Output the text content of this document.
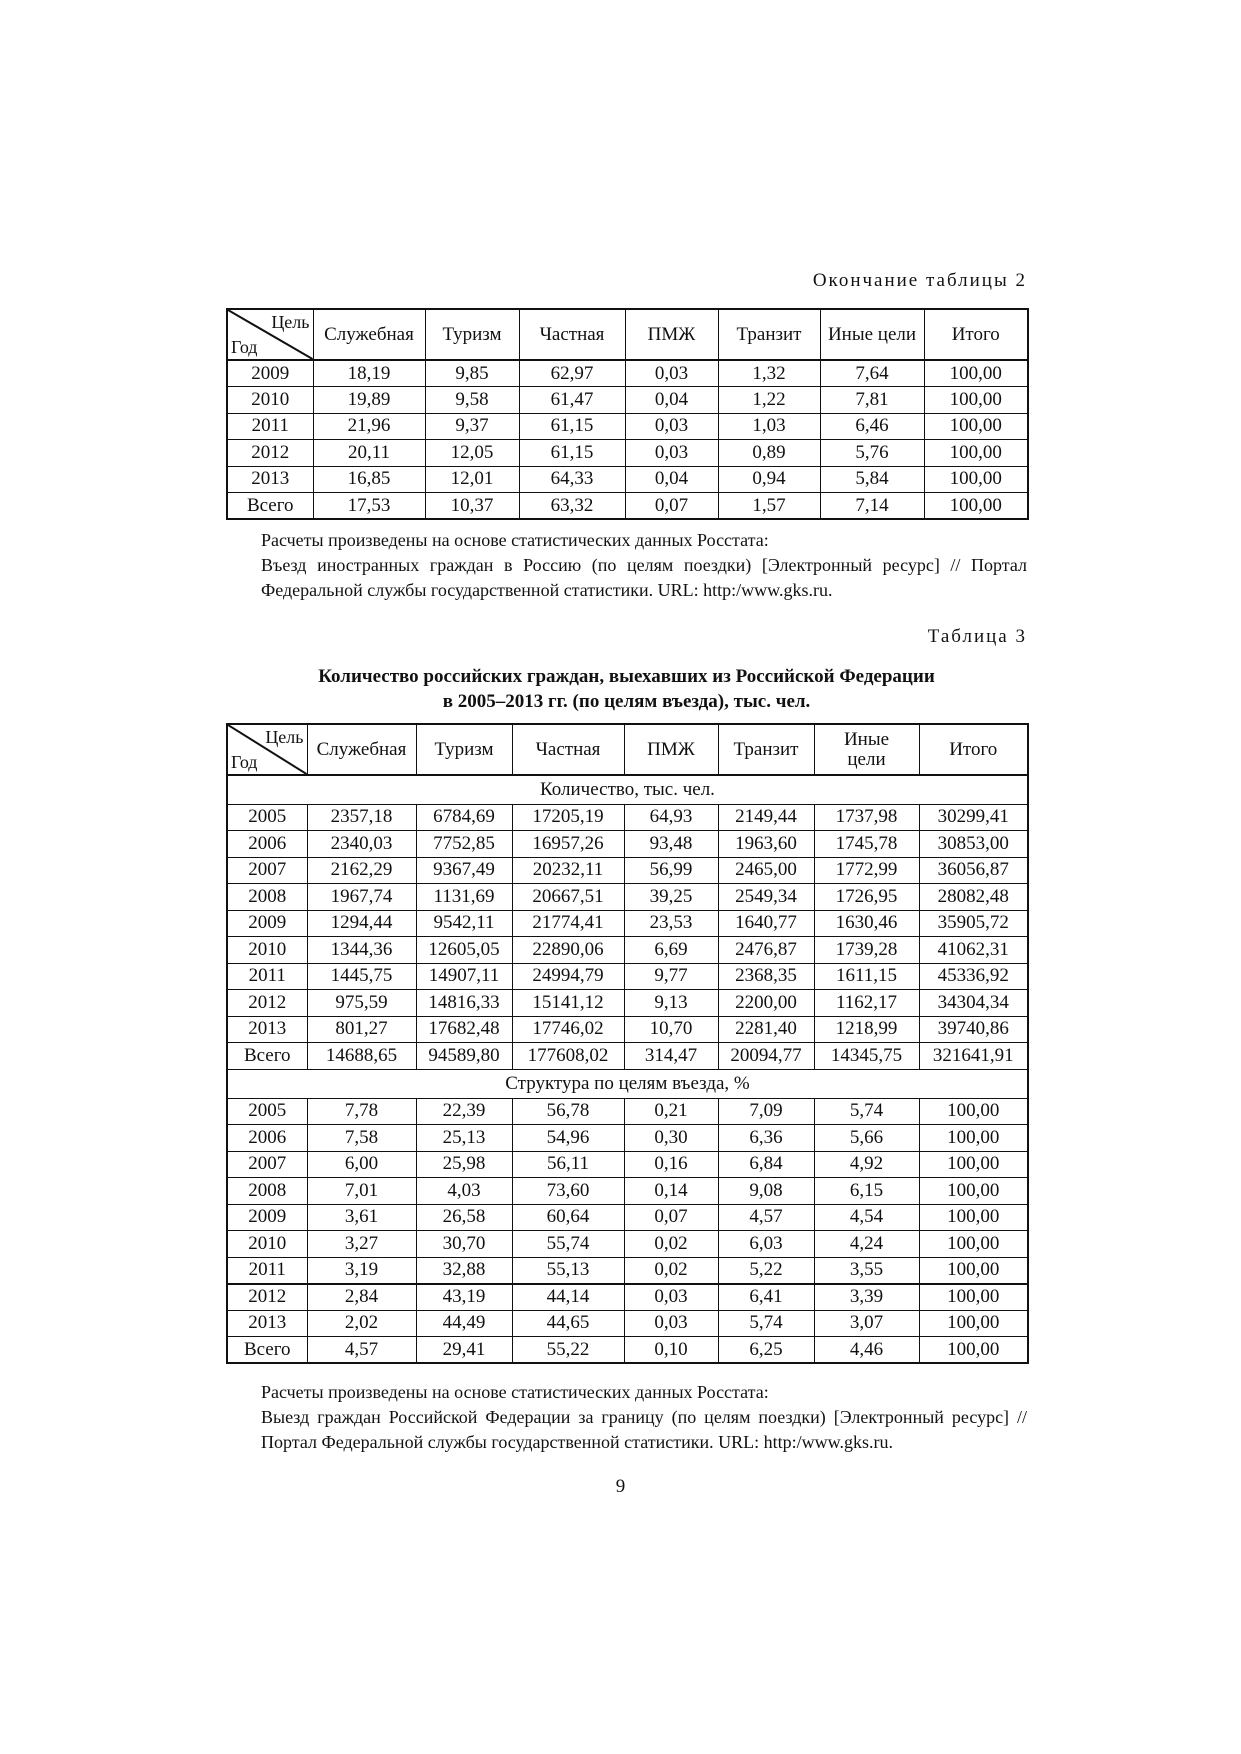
Окончание таблицы 2
Цель
Год	Служебная	Туризм	Частная	ПМЖ	Транзит	Иные цели	Итого
2009	18,19	9,85	62,97	0,03	1,32	7,64	100,00
2010	19,89	9,58	61,47	0,04	1,22	7,81	100,00
2011	21,96	9,37	61,15	0,03	1,03	6,46	100,00
2012	20,11	12,05	61,15	0,03	0,89	5,76	100,00
2013	16,85	12,01	64,33	0,04	0,94	5,84	100,00
Всего	17,53	10,37	63,32	0,07	1,57	7,14	100,00
Расчеты произведены на основе статистических данных Росстата:
Въезд иностранных граждан в Россию (по целям поездки) [Электронный ресурс] // Портал Федеральной службы государственной статистики. URL: http:/www.gks.ru.
Таблица 3
Количество российских граждан, выехавших из Российской Федерации
в 2005–2013 гг. (по целям въезда), тыс. чел.
Цель
Год	Служебная	Туризм	Частная	ПМЖ	Транзит	Иные цели	Итого
Количество, тыс. чел.							
2005	2357,18	6784,69	17205,19	64,93	2149,44	1737,98	30299,41
2006	2340,03	7752,85	16957,26	93,48	1963,60	1745,78	30853,00
2007	2162,29	9367,49	20232,11	56,99	2465,00	1772,99	36056,87
2008	1967,74	1131,69	20667,51	39,25	2549,34	1726,95	28082,48
2009	1294,44	9542,11	21774,41	23,53	1640,77	1630,46	35905,72
2010	1344,36	12605,05	22890,06	6,69	2476,87	1739,28	41062,31
2011	1445,75	14907,11	24994,79	9,77	2368,35	1611,15	45336,92
2012	975,59	14816,33	15141,12	9,13	2200,00	1162,17	34304,34
2013	801,27	17682,48	17746,02	10,70	2281,40	1218,99	39740,86
Всего	14688,65	94589,80	177608,02	314,47	20094,77	14345,75	321641,91
Структура по целям въезда, %							
2005	7,78	22,39	56,78	0,21	7,09	5,74	100,00
2006	7,58	25,13	54,96	0,30	6,36	5,66	100,00
2007	6,00	25,98	56,11	0,16	6,84	4,92	100,00
2008	7,01	4,03	73,60	0,14	9,08	6,15	100,00
2009	3,61	26,58	60,64	0,07	4,57	4,54	100,00
2010	3,27	30,70	55,74	0,02	6,03	4,24	100,00
2011	3,19	32,88	55,13	0,02	5,22	3,55	100,00
2012	2,84	43,19	44,14	0,03	6,41	3,39	100,00
2013	2,02	44,49	44,65	0,03	5,74	3,07	100,00
Всего	4,57	29,41	55,22	0,10	6,25	4,46	100,00
Расчеты произведены на основе статистических данных Росстата:
Выезд граждан Российской Федерации за границу (по целям поездки) [Электронный ресурс] // Портал Федеральной службы государственной статистики. URL: http:/www.gks.ru.
9
